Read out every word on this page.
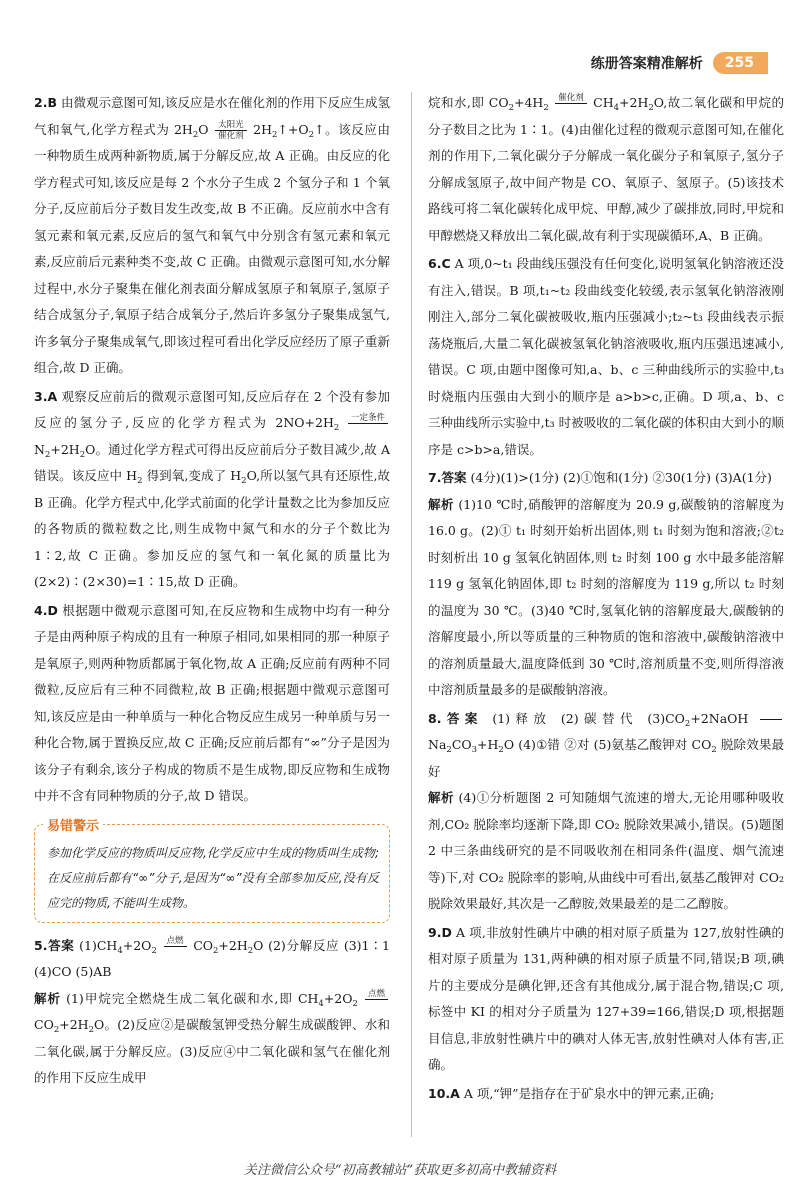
练册答案精准解析	255

2.B 由微观示意图可知,该反应是水在催化剂的作用下反应生成氢气和氧气,化学方程式为 $2H_2O$	太阳光
催化剂 $2H_2↑+O_2↑$。该反应由一种物质生成两种新物质,属于分解反应,故 A 正确。由反应的化学方程式可知,该反应是每 2 个水分子生成 2 个氢分子和 1 个氧分子,反应前后分子数目发生改变,故 B 不正确。反应前水中含有氢元素和氧元素,反应后的氢气和氧气中分别含有氢元素和氧元素,反应前后元素种类不变,故 C 正确。由微观示意图可知,水分解过程中,水分子聚集在催化剂表面分解成氢原子和氧原子,氢原子结合成氢分子,氧原子结合成氧分子,然后许多氢分子聚集成氢气,许多氧分子聚集成氧气,即该过程可看出化学反应经历了原子重新组合,故 D 正确。

3.A 观察反应前后的微观示意图可知,反应后存在 2 个没有参加反应的氢分子,反应的化学方程式为 $2NO+2H_2$
一定条件

$N_2+2H_2O$。通过化学方程式可得出反应前后分子数目减少,故 A 错误。该反应中 $H_2$ 得到氧,变成了 $H_2O$,所以氢气具有还原性,故 B 正确。化学方程式中,化学式前面的化学计量数之比为参加反应的各物质的微粒数之比,则生成物中氮气和水的分子个数比为 1∶2,故 C 正确。参加反应的氢气和一氧化氮的质量比为(2×2)∶(2×30)=1∶15,故 D 正确。

4.D 根据题中微观示意图可知,在反应物和生成物中均有一种分子是由两种原子构成的且有一种原子相同,如果相同的那一种原子是氧原子,则两种物质都属于氧化物,故 A 正确;反应前有两种不同微粒,反应后有三种不同微粒,故 B 正确;根据题中微观示意图可知,该反应是由一种单质与一种化合物反应生成另一种单质与另一种化合物,属于置换反应,故 C 正确;反应前后都有“∞”分子是因为该分子有剩余,该分子构成的物质不是生成物,即反应物和生成物中并不含有同种物质的分子,故 D 错误。

易错警示
参加化学反应的物质叫反应物,化学反应中生成的物质叫生成物;在反应前后都有“∞”分子,是因为“∞”没有全部参加反应,没有反应完的物质,不能叫生成物。

5.答案 $(1)CH_4+2O_2$
点燃
$CO_2+2H_2O$ (2)分解反应 (3)1∶1 (4)CO (5)AB
解析 (1)甲烷完全燃烧生成二氧化碳和水,即 $CH_4+2O_2$
点燃

$CO_2+2H_2O$。(2)反应②是碳酸氢钾受热分解生成碳酸钾、水和二氧化碳,属于分解反应。(3)反应④中二氧化碳和氢气在催化剂的作用下反应生成甲

烷和水,即 $CO_2+4H_2$
催化剂
$CH_4+2H_2O$,故二氧化碳和甲烷的分子数目之比为 1∶1。(4)由催化过程的微观示意图可知,在催化剂的作用下,二氧化碳分子分解成一氧化碳分子和氧原子,氢分子分解成氢原子,故中间产物是 CO、氧原子、氢原子。(5)该技术路线可将二氧化碳转化成甲烷、甲醇,减少了碳排放,同时,甲烷和甲醇燃烧又释放出二氧化碳,故有利于实现碳循环,A、B 正确。

6.C A 项,0~t₁ 段曲线压强没有任何变化,说明氢氧化钠溶液还没有注入,错误。B 项,t₁~t₂ 段曲线变化较缓,表示氢氧化钠溶液刚刚注入,部分二氧化碳被吸收,瓶内压强减小;t₂~t₃ 段曲线表示振荡烧瓶后,大量二氧化碳被氢氧化钠溶液吸收,瓶内压强迅速减小,错误。C 项,由题中图像可知,a、b、c 三种曲线所示的实验中,t₃ 时烧瓶内压强由大到小的顺序是 a>b>c,正确。D 项,a、b、c 三种曲线所示实验中,t₃ 时被吸收的二氧化碳的体积由大到小的顺序是 c>b>a,错误。

7.答案 (4分)(1)>(1分) (2)①饱和(1分) ②30(1分) (3)A(1分)
解析 (1)10 ℃时,硝酸钾的溶解度为 20.9 g,碳酸钠的溶解度为 16.0 g。(2)① t₁ 时刻开始析出固体,则 t₁ 时刻为饱和溶液;②t₂ 时刻析出 10 g 氢氧化钠固体,则 t₂ 时刻 100 g 水中最多能溶解 119 g 氢氧化钠固体,即 t₂ 时刻的溶解度为 119 g,所以 t₂ 时刻的温度为 30 ℃。(3)40 ℃时,氢氧化钠的溶解度最大,碳酸钠的溶解度最小,所以等质量的三种物质的饱和溶液中,碳酸钠溶液中的溶剂质量最大,温度降低到 30 ℃时,溶剂质量不变,则所得溶液中溶剂质量最多的是碳酸钠溶液。

8.答案 (1)释放 (2)碳替代 $(3)CO_2+2NaOH$

$Na_2CO_3+H_2O$ (4)①错 ②对 (5)氨基乙酸钾对 $CO_2$ 脱除效果最好
解析 (4)①分析题图 2 可知随烟气流速的增大,无论用哪种吸收剂,CO₂ 脱除率均逐渐下降,即 CO₂ 脱除效果减小,错误。(5)题图 2 中三条曲线研究的是不同吸收剂在相同条件(温度、烟气流速等)下,对 CO₂ 脱除率的影响,从曲线中可看出,氨基乙酸钾对 CO₂ 脱除效果最好,其次是一乙醇胺,效果最差的是二乙醇胺。

9.D A 项,非放射性碘片中碘的相对原子质量为 127,放射性碘的相对原子质量为 131,两种碘的相对原子质量不同,错误;B 项,碘片的主要成分是碘化钾,还含有其他成分,属于混合物,错误;C 项,标签中 KI 的相对分子质量为 127+39=166,错误;D 项,根据题目信息,非放射性碘片中的碘对人体无害,放射性碘对人体有害,正确。

10.A A 项,“钾”是指存在于矿泉水中的钾元素,正确;

关注微信公众号“初高教辅站”获取更多初高中教辅资料
